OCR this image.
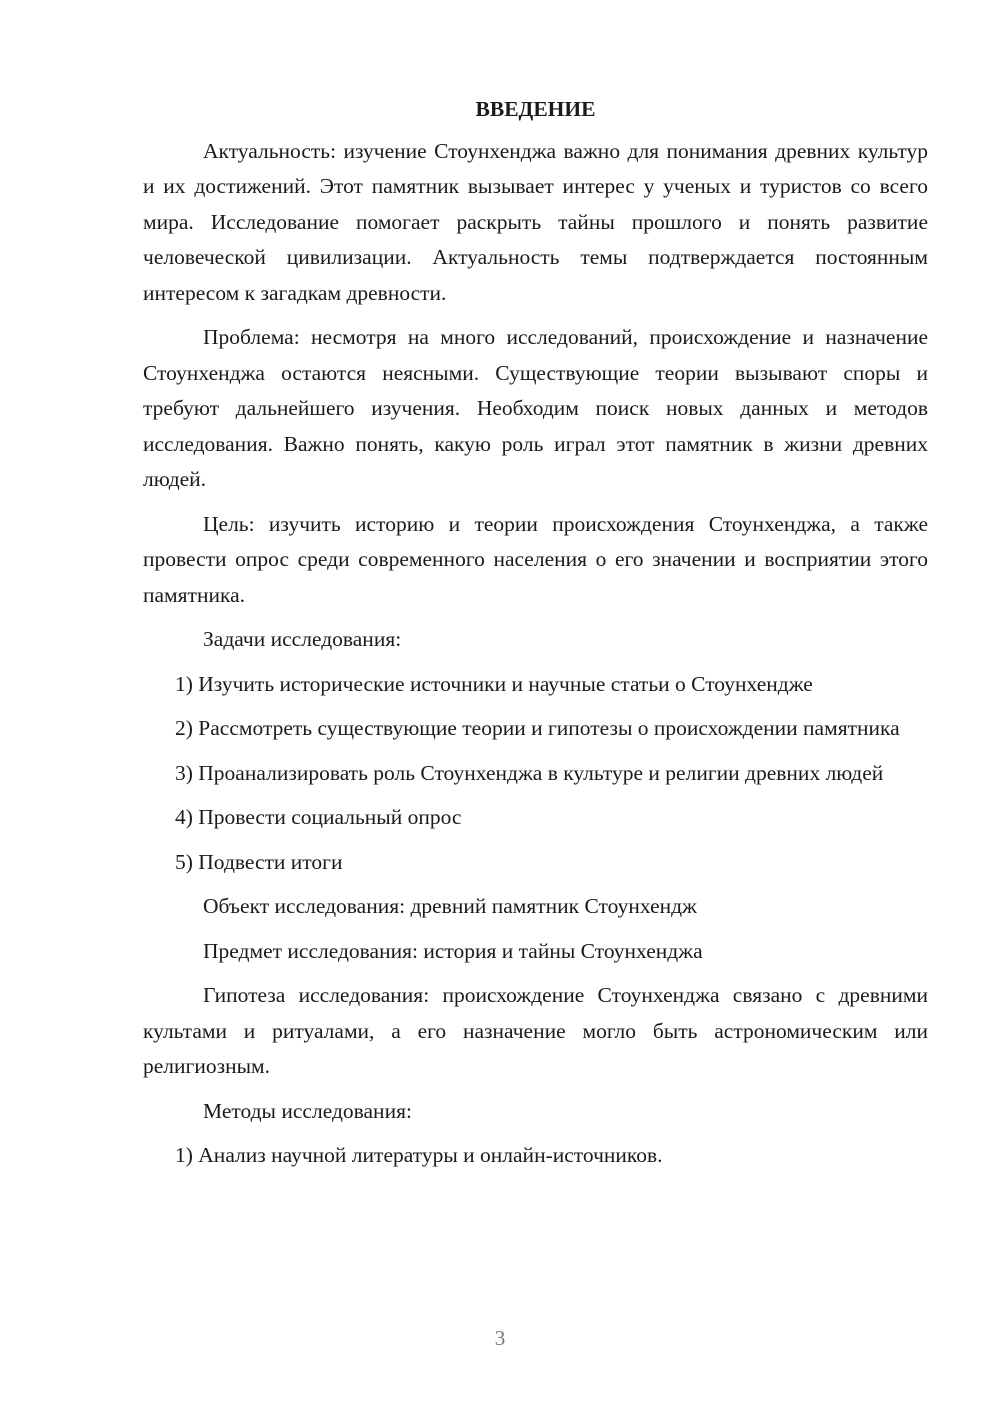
ВВЕДЕНИЕ

Актуальность: изучение Стоунхенджа важно для понимания древних культур и их достижений. Этот памятник вызывает интерес у ученых и туристов со всего мира. Исследование помогает раскрыть тайны прошлого и понять развитие человеческой цивилизации. Актуальность темы подтверждается постоянным интересом к загадкам древности.

Проблема: несмотря на много исследований, происхождение и назначение Стоунхенджа остаются неясными. Существующие теории вызывают споры и требуют дальнейшего изучения. Необходим поиск новых данных и методов исследования. Важно понять, какую роль играл этот памятник в жизни древних людей.

Цель: изучить историю и теории происхождения Стоунхенджа, а также провести опрос среди современного населения о его значении и восприятии этого памятника.

Задачи исследования:

1) Изучить исторические источники и научные статьи о Стоунхендже

2) Рассмотреть существующие теории и гипотезы о происхождении памятника

3) Проанализировать роль Стоунхенджа в культуре и религии древних людей

4) Провести социальный опрос

5) Подвести итоги

Объект исследования: древний памятник Стоунхендж

Предмет исследования: история и тайны Стоунхенджа

Гипотеза исследования: происхождение Стоунхенджа связано с древними культами и ритуалами, а его назначение могло быть астрономическим или религиозным.

Методы исследования:

1) Анализ научной литературы и онлайн-источников.

3
